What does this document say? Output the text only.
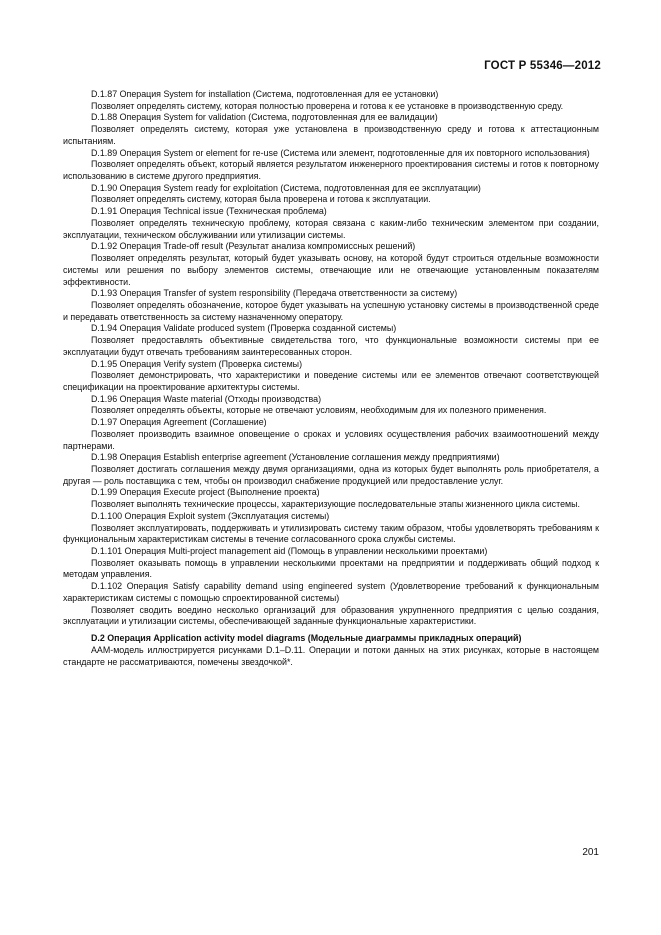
ГОСТ Р 55346—2012

D.1.87 Операция System for installation (Система, подготовленная для ее установки)

Позволяет определять систему, которая полностью проверена и готова к ее установке в производственную среду.

D.1.88 Операция System for validation (Система, подготовленная для ее валидации)

Позволяет определять систему, которая уже установлена в производственную среду и готова к аттестационным испытаниям.

D.1.89 Операция System or element for re-use (Система или элемент, подготовленные для их повторного использования)

Позволяет определять объект, который является результатом инженерного проектирования системы и готов к повторному использованию в системе другого предприятия.

D.1.90 Операция System ready for exploitation (Система, подготовленная для ее эксплуатации)

Позволяет определять систему, которая была проверена и готова к эксплуатации.

D.1.91 Операция Technical issue (Техническая проблема)

Позволяет определять техническую проблему, которая связана с каким-либо техническим элементом при создании, эксплуатации, техническом обслуживании или утилизации системы.

D.1.92 Операция Trade-off result (Результат анализа компромиссных решений)

Позволяет определять результат, который будет указывать основу, на которой будут строиться отдельные возможности системы или решения по выбору элементов системы, отвечающие или не отвечающие установленным показателям эффективности.

D.1.93 Операция Transfer of system responsibility (Передача ответственности за систему)

Позволяет определять обозначение, которое будет указывать на успешную установку системы в производственной среде и передавать ответственность за систему назначенному оператору.

D.1.94 Операция Validate produced system (Проверка созданной системы)

Позволяет предоставлять объективные свидетельства того, что функциональные возможности системы при ее эксплуатации будут отвечать требованиям заинтересованных сторон.

D.1.95 Операция Verify system (Проверка системы)

Позволяет демонстрировать, что характеристики и поведение системы или ее элементов отвечают соответствующей спецификации на проектирование архитектуры системы.

D.1.96 Операция Waste material (Отходы производства)

Позволяет определять объекты, которые не отвечают условиям, необходимым для их полезного применения.

D.1.97 Операция Agreement (Соглашение)

Позволяет производить взаимное оповещение о сроках и условиях осуществления рабочих взаимоотношений между партнерами.

D.1.98 Операция Establish enterprise agreement (Установление соглашения между предприятиями)

Позволяет достигать соглашения между двумя организациями, одна из которых будет выполнять роль приобретателя, а другая — роль поставщика с тем, чтобы он производил снабжение продукцией или предоставление услуг.

D.1.99 Операция Execute project (Выполнение проекта)

Позволяет выполнять технические процессы, характеризующие последовательные этапы жизненного цикла системы.

D.1.100 Операция Exploit system (Эксплуатация системы)

Позволяет эксплуатировать, поддерживать и утилизировать систему таким образом, чтобы удовлетворять требованиям к функциональным характеристикам системы в течение согласованного срока службы системы.

D.1.101 Операция Multi-project management aid (Помощь в управлении несколькими проектами)

Позволяет оказывать помощь в управлении несколькими проектами на предприятии и поддерживать общий подход к методам управления.

D.1.102 Операция Satisfy capability demand using engineered system (Удовлетворение требований к функциональным характеристикам системы с помощью спроектированной системы)

Позволяет сводить воедино несколько организаций для образования укрупненного предприятия с целью создания, эксплуатации и утилизации системы, обеспечивающей заданные функциональные характеристики.

D.2 Операция Application activity model diagrams (Модельные диаграммы прикладных операций)

ААМ-модель иллюстрируется рисунками D.1–D.11. Операции и потоки данных на этих рисунках, которые в настоящем стандарте не рассматриваются, помечены звездочкой*.

201
